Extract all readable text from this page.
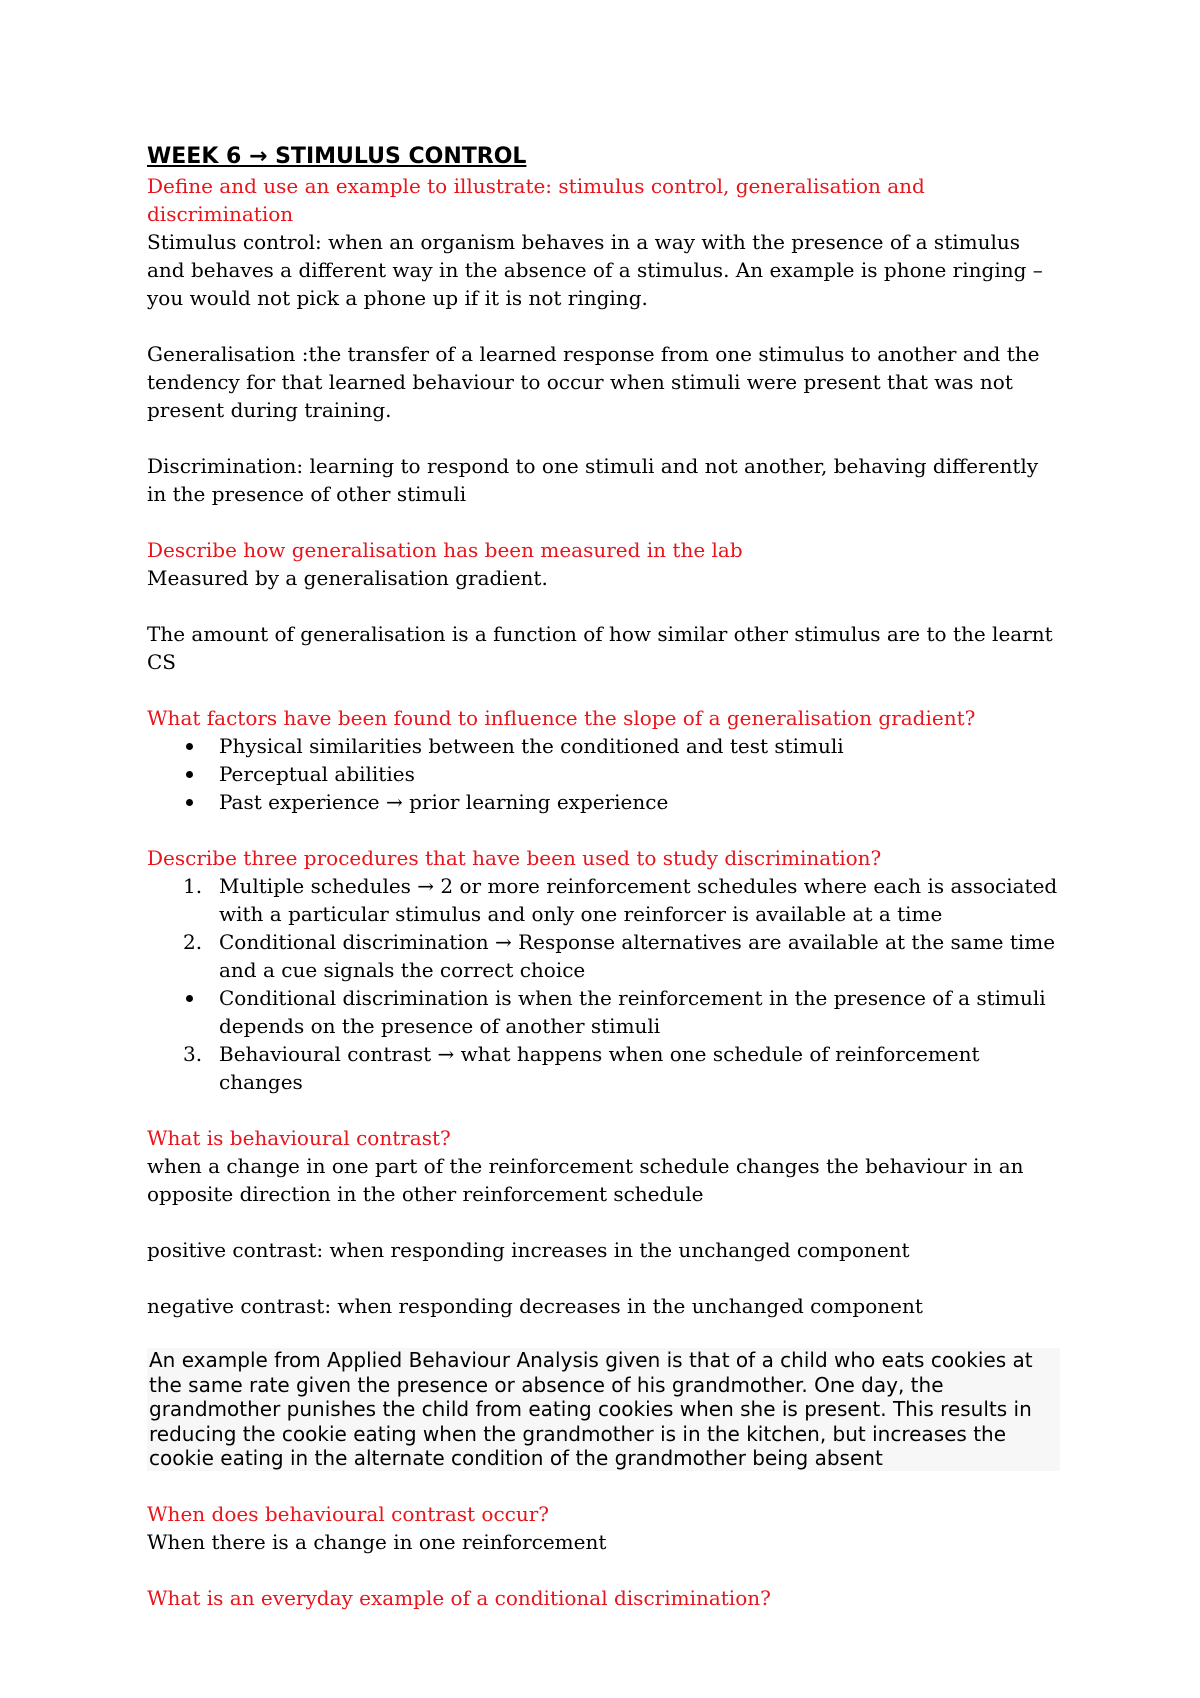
WEEK 6 → STIMULUS CONTROL

Define and use an example to illustrate: stimulus control, generalisation and discrimination

Stimulus control: when an organism behaves in a way with the presence of a stimulus and behaves a different way in the absence of a stimulus. An example is phone ringing – you would not pick a phone up if it is not ringing.

Generalisation :the transfer of a learned response from one stimulus to another and the tendency for that learned behaviour to occur when stimuli were present that was not present during training.

Discrimination: learning to respond to one stimuli and not another, behaving differently in the presence of other stimuli

Describe how generalisation has been measured in the lab

Measured by a generalisation gradient.

The amount of generalisation is a function of how similar other stimulus are to the learnt CS

What factors have been found to influence the slope of a generalisation gradient?

Physical similarities between the conditioned and test stimuli
Perceptual abilities
Past experience → prior learning experience

Describe three procedures that have been used to study discrimination?

1. Multiple schedules → 2 or more reinforcement schedules where each is associated with a particular stimulus and only one reinforcer is available at a time
2. Conditional discrimination → Response alternatives are available at the same time and a cue signals the correct choice
Conditional discrimination is when the reinforcement in the presence of a stimuli depends on the presence of another stimuli
3. Behavioural contrast → what happens when one schedule of reinforcement changes

What is behavioural contrast?

when a change in one part of the reinforcement schedule changes the behaviour in an opposite direction in the other reinforcement schedule

positive contrast: when responding increases in the unchanged component

negative contrast: when responding decreases in the unchanged component

An example from Applied Behaviour Analysis given is that of a child who eats cookies at the same rate given the presence or absence of his grandmother. One day, the grandmother punishes the child from eating cookies when she is present. This results in reducing the cookie eating when the grandmother is in the kitchen, but increases the cookie eating in the alternate condition of the grandmother being absent

When does behavioural contrast occur?

When there is a change in one reinforcement

What is an everyday example of a conditional discrimination?
